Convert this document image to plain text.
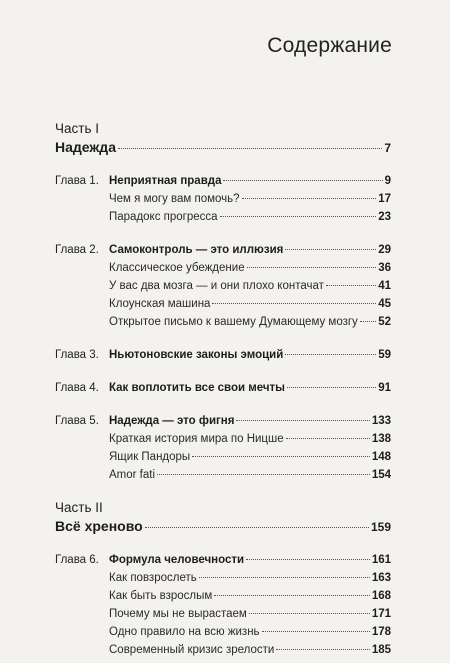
Содержание
Часть I
Надежда	7
Глава 1. Неприятная правда	9
Чем я могу вам помочь?	17
Парадокс прогресса	23
Глава 2. Самоконтроль — это иллюзия	29
Классическое убеждение	36
У вас два мозга — и они плохо контачат	41
Клоунская машина	45
Открытое письмо к вашему Думающему мозгу 52
Глава 3. Ньютоновские законы эмоций	59
Глава 4. Как воплотить все свои мечты	91
Глава 5. Надежда — это фигня	133
Краткая история мира по Ницше	138
Ящик Пандоры	148
Amor fati	154
Часть II
Всё хреново	159
Глава 6. Формула человечности	161
Как повзрослеть	163
Как быть взрослым	168
Почему мы не вырастаем	171
Одно правило на всю жизнь	178
Современный кризис зрелости	185
